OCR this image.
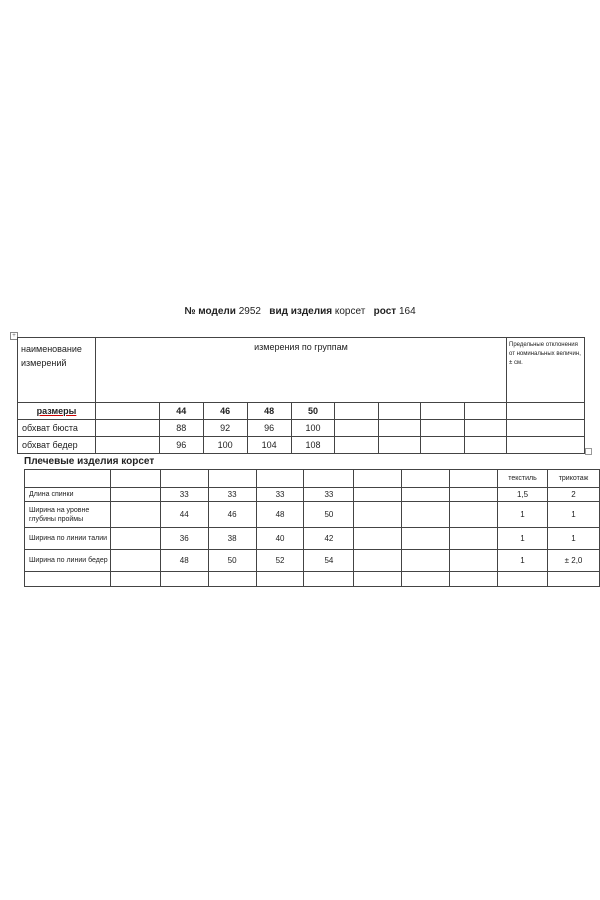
№ модели 2952 вид изделия корсет рост 164
+
наименование
измерений	измерения по группам									Предельные отклонения от номинальных величин, ± см.
размеры		44	46	48	50					
обхват бюста		88	92	96	100					
обхват бедер		96	100	104	108					
Плечевые изделия корсет
									текстиль	трикотаж
Длина спинки		33	33	33	33				1,5	2
Ширина на уровне глубины проймы		44	46	48	50				1	1
Ширина по линии талии		36	38	40	42				1	1
Ширина по линии бедер		48	50	52	54				1	± 2,0
